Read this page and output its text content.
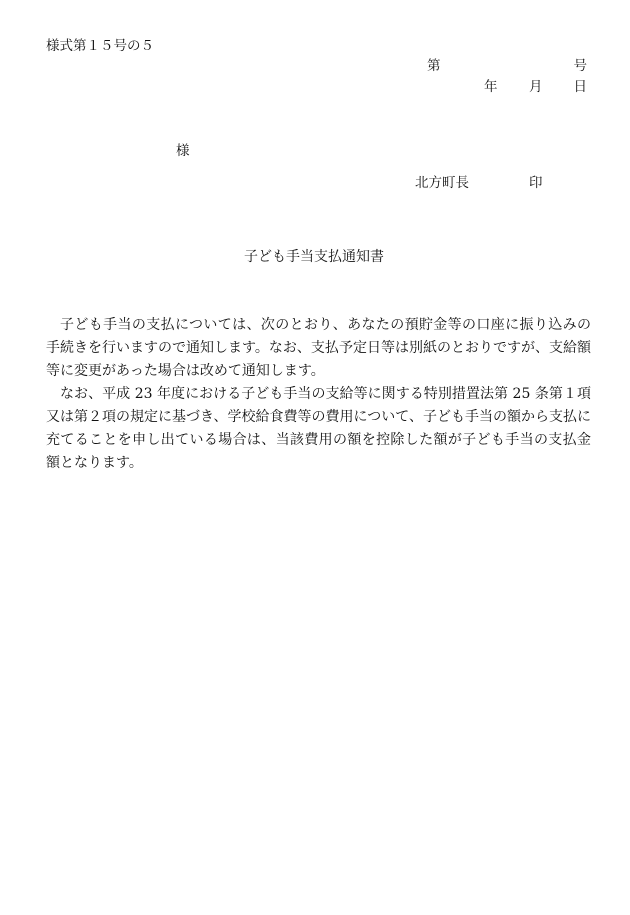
様式第１５号の５
第	号
年 月 日
様
北方町長	印
子ども手当支払通知書

子ども手当の支払については、次のとおり、あなたの預貯金等の口座に振り込みの手続きを行いますので通知します。なお、支払予定日等は別紙のとおりですが、支給額等に変更があった場合は改めて通知します。

なお、平成 23 年度における子ども手当の支給等に関する特別措置法第 25 条第１項又は第２項の規定に基づき、学校給食費等の費用について、子ども手当の額から支払に充てることを申し出ている場合は、当該費用の額を控除した額が子ども手当の支払金額となります。
